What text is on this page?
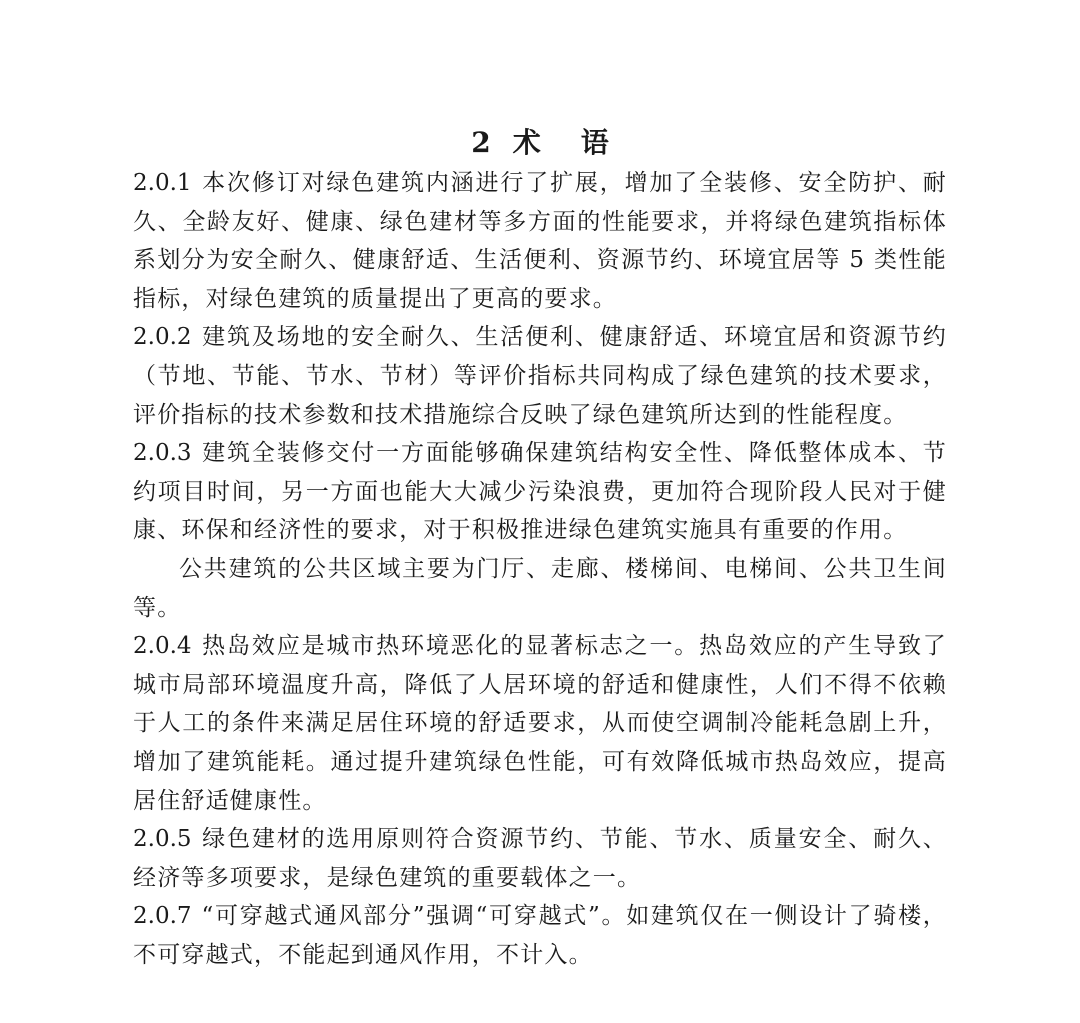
2 术语

2.0.1 本次修订对绿色建筑内涵进行了扩展，增加了全装修、安全防护、耐久、全龄友好、健康、绿色建材等多方面的性能要求，并将绿色建筑指标体系划分为安全耐久、健康舒适、生活便利、资源节约、环境宜居等 5 类性能指标，对绿色建筑的质量提出了更高的要求。

2.0.2 建筑及场地的安全耐久、生活便利、健康舒适、环境宜居和资源节约（节地、节能、节水、节材）等评价指标共同构成了绿色建筑的技术要求，评价指标的技术参数和技术措施综合反映了绿色建筑所达到的性能程度。

2.0.3 建筑全装修交付一方面能够确保建筑结构安全性、降低整体成本、节约项目时间，另一方面也能大大减少污染浪费，更加符合现阶段人民对于健康、环保和经济性的要求，对于积极推进绿色建筑实施具有重要的作用。

公共建筑的公共区域主要为门厅、走廊、楼梯间、电梯间、公共卫生间等。

2.0.4 热岛效应是城市热环境恶化的显著标志之一。热岛效应的产生导致了城市局部环境温度升高，降低了人居环境的舒适和健康性，人们不得不依赖于人工的条件来满足居住环境的舒适要求，从而使空调制冷能耗急剧上升，增加了建筑能耗。通过提升建筑绿色性能，可有效降低城市热岛效应，提高居住舒适健康性。

2.0.5 绿色建材的选用原则符合资源节约、节能、节水、质量安全、耐久、经济等多项要求，是绿色建筑的重要载体之一。

2.0.7 “可穿越式通风部分”强调“可穿越式”。如建筑仅在一侧设计了骑楼，不可穿越式，不能起到通风作用，不计入。
